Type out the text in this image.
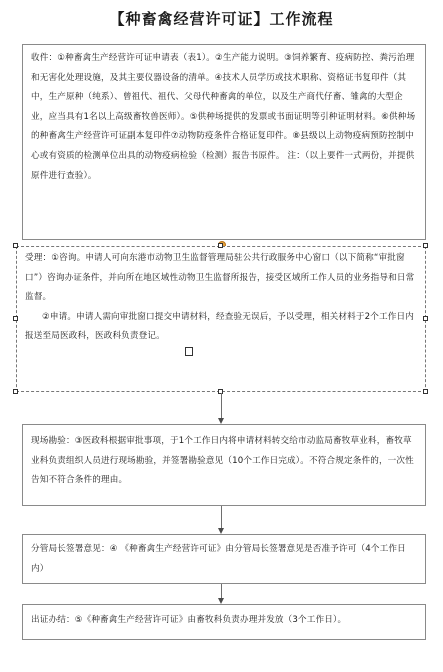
【种畜禽经营许可证】工作流程

收件：①种畜禽生产经营许可证申请表（表1）。②生产能力说明。③饲养繁育、疫病防控、粪污治理和无害化处理设施，及其主要仪器设备的清单。④技术人员学历或技术职称、资格证书复印件（其中，生产原种（纯系）、曾祖代、祖代、父母代种畜禽的单位，以及生产商代仔畜、雏禽的大型企业，应当具有1名以上高级畜牧兽医师）。⑤供种场提供的发票或书面证明等引种证明材料。⑥供种场的种畜禽生产经营许可证副本复印件⑦动物防疫条件合格证复印件。⑧县级以上动物疫病预防控制中心或有资质的检测单位出具的动物疫病检验（检测）报告书原件。 注：（以上要件一式两份，并提供原件进行查验）。

受理：①咨询。申请人可向东港市动物卫生监督管理局驻公共行政服务中心窗口（以下简称“审批窗口”）咨询办证条件，并向所在地区域性动物卫生监督所报告，接受区域所工作人员的业务指导和日常监督。

②申请。申请人需向审批窗口提交申请材料，经查验无误后，予以受理，相关材料于2个工作日内报送至局医政科，医政科负责登记。

现场勘验：③医政科根据审批事项，于1个工作日内将申请材料转交给市动监局畜牧草业科，畜牧草业科负责组织人员进行现场勘验，并签署勘验意见（10个工作日完成）。不符合规定条件的，一次性告知不符合条件的理由。

分管局长签署意见：④ 《种畜禽生产经营许可证》由分管局长签署意见是否准予许可（4个工作日内）

出证办结：⑤《种畜禽生产经营许可证》由畜牧科负责办理并发放（3个工作日）。
